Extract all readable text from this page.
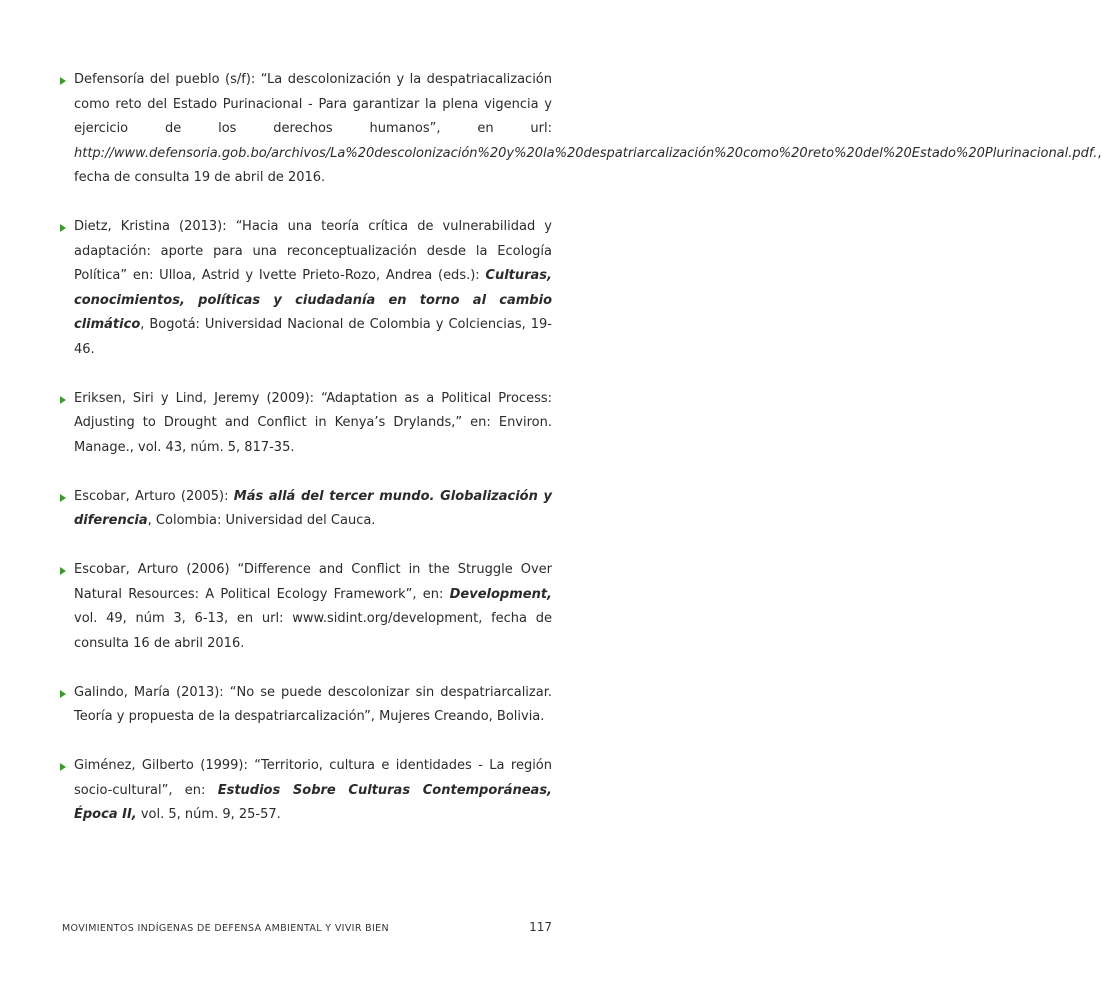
Defensoría del pueblo (s/f): “La descolonización y la despatriacalización como reto del Estado Purinacional - Para garantizar la plena vigencia y ejercicio de los derechos humanos”, en url: http://www.defensoria.gob.bo/archivos/La%20descolonización%20y%20la%20despatriarcalización%20como%20reto%20del%20Estado%20Plurinacional.pdf., fecha de consulta 19 de abril de 2016.

Dietz, Kristina (2013): “Hacia una teoría crítica de vulnerabilidad y adaptación: aporte para una reconceptualización desde la Ecología Política” en: Ulloa, Astrid y Ivette Prieto-Rozo, Andrea (eds.): Culturas, conocimientos, políticas y ciudadanía en torno al cambio climático, Bogotá: Universidad Nacional de Colombia y Colciencias, 19-46.

Eriksen, Siri y Lind, Jeremy (2009): “Adaptation as a Political Process: Adjusting to Drought and Conflict in Kenya’s Drylands,” en: Environ. Manage., vol. 43, núm. 5, 817-35.

Escobar, Arturo (2005): Más allá del tercer mundo. Globalización y diferencia, Colombia: Universidad del Cauca.

Escobar, Arturo (2006) “Difference and Conflict in the Struggle Over Natural Resources: A Political Ecology Framework”, en: Development, vol. 49, núm 3, 6-13, en url: www.sidint.org/development, fecha de consulta 16 de abril 2016.

Galindo, María (2013): “No se puede descolonizar sin despatriarcalizar. Teoría y propuesta de la despatriarcalización”, Mujeres Creando, Bolivia.

Giménez, Gilberto (1999): “Territorio, cultura e identidades - La región socio-cultural”, en: Estudios Sobre Culturas Contemporáneas, Época II, vol. 5, núm. 9, 25-57.

MOVIMIENTOS INDÍGENAS DE DEFENSA AMBIENTAL Y VIVIR BIEN	117
